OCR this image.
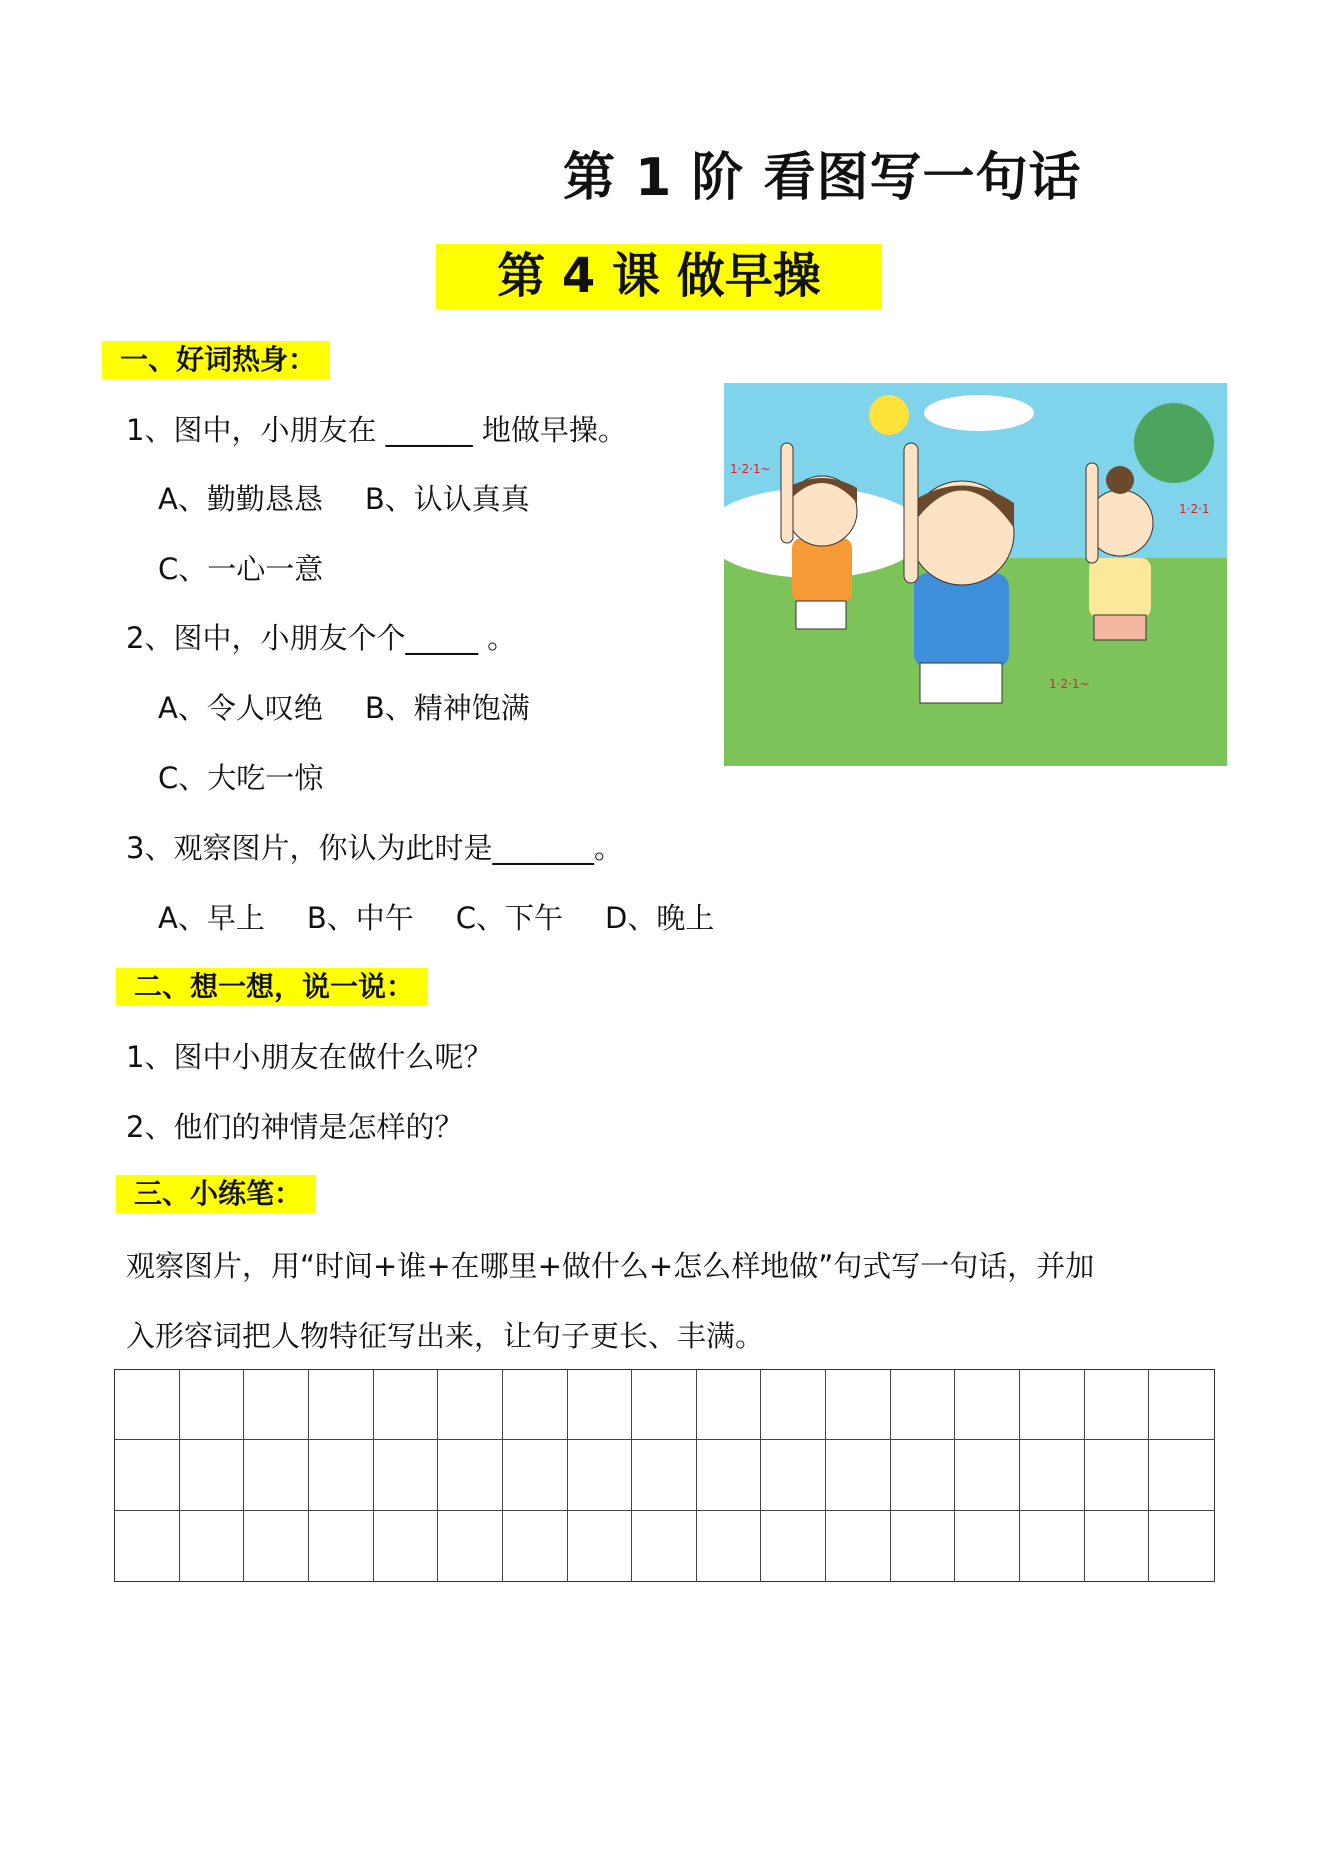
第 1 阶 看图写一句话
第 4 课 做早操
一、好词热身：
1、图中，小朋友在 ______ 地做早操。
A、勤勤恳恳 B、认认真真
C、一心一意
2、图中，小朋友个个_____ 。
A、令人叹绝 B、精神饱满
C、大吃一惊
3、观察图片，你认为此时是_______。
A、早上 B、中午 C、下午 D、晚上
二、想一想，说一说：
1、图中小朋友在做什么呢？
2、他们的神情是怎样的？
三、小练笔：
观察图片，用“时间+谁+在哪里+做什么+怎么样地做”句式写一句话，并加
入形容词把人物特征写出来，让句子更长、丰满。
1·2·1~
1·2·1
1·2·1~
